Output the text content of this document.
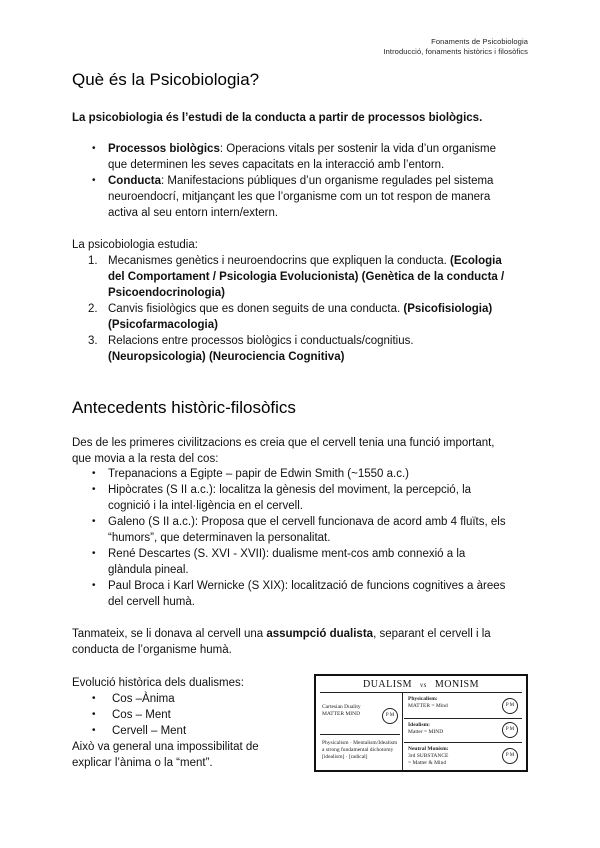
Fonaments de Psicobiologia
Introducció, fonaments històrics i filosòfics
Què és la Psicobiologia?
La psicobiologia és l’estudi de la conducta a partir de processos biològics.
• Processos biològics: Operacions vitals per sostenir la vida d’un organisme
que determinen les seves capacitats en la interacció amb l’entorn.
• Conducta: Manifestacions públiques d’un organisme regulades pel sistema
neuroendocrí, mitjançant les que l’organisme com un tot respon de manera
activa al seu entorn intern/extern.
La psicobiologia estudia:
1. Mecanismes genètics i neuroendocrins que expliquen la conducta. (Ecologia
del Comportament / Psicologia Evolucionista) (Genètica de la conducta /
Psicoendocrinologia)
2. Canvis fisiològics que es donen seguits de una conducta. (Psicofisiologia)
(Psicofarmacologia)
3. Relacions entre processos biològics i conductuals/cognitius.
(Neuropsicologia) (Neurociencia Cognitiva)
Antecedents històric-filosòfics
Des de les primeres civilitzacions es creia que el cervell tenia una funció important,
que movia a la resta del cos:
• Trepanacions a Egipte – papir de Edwin Smith (~1550 a.c.)
• Hipòcrates (S II a.c.): localitza la gènesis del moviment, la percepció, la
cognició i la intel·ligència en el cervell.
• Galeno (S II a.c.): Proposa que el cervell funcionava de acord amb 4 fluïts, els
“humors”, que determinaven la personalitat.
• René Descartes (S. XVI - XVII): dualisme ment-cos amb connexió a la
glàndula pineal.
• Paul Broca i Karl Wernicke (S XIX): localització de funcions cognitives a àrees
del cervell humà.
Tanmateix, se li donava al cervell una assumpció dualista, separant el cervell i la
conducta de l’organisme humà.
Evolució històrica dels dualismes:
• Cos –Ànima
• Cos – Ment
• Cervell – Ment
Això va general una impossibilitat de
explicar l’ànima o la “ment”.
DUALISM vs MONISM
Cartesian Duality
MATTER MIND	P M
Physicalism · Mentalism/Idealism
a strong fundamental dichotomy
[idealism] · [radical]
Physicalism:
MATTER = Mind	P M
Idealism:
Matter = MIND	P M
Neutral Monism:
3rd SUBSTANCE
= Matter & Mind
P M
